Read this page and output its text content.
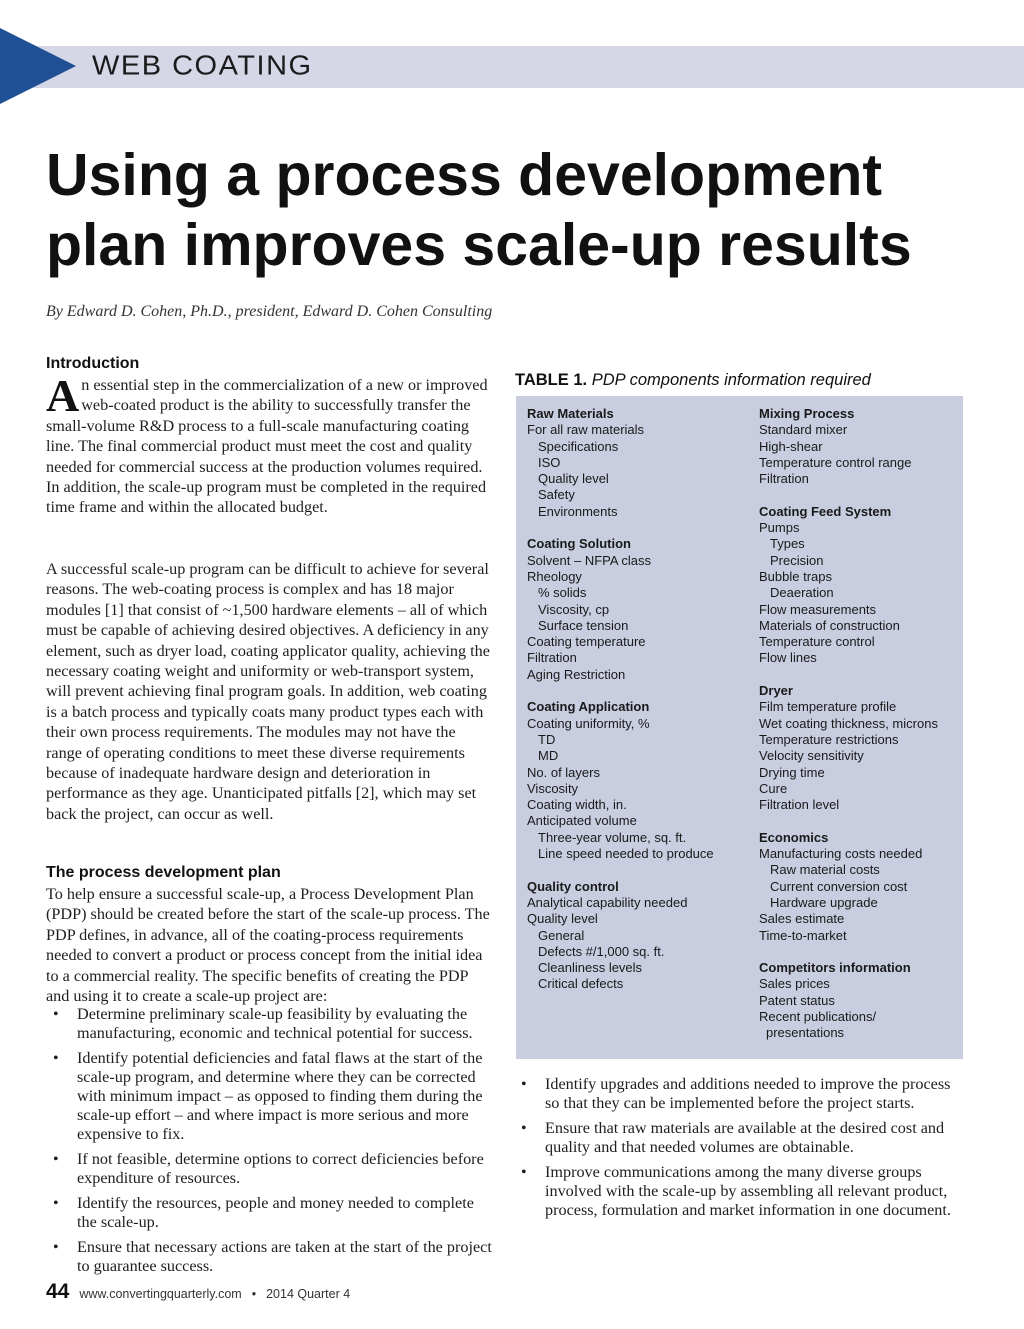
WEB COATING
Using a process development
plan improves scale-up results
By Edward D. Cohen, Ph.D., president, Edward D. Cohen Consulting
Introduction

An essential step in the commercialization of a new or improved web-coated product is the ability to successfully transfer the small-volume R&D process to a full-scale manufacturing coating line. The final commercial product must meet the cost and quality needed for commercial success at the production volumes required. In addition, the scale-up program must be completed in the required time frame and within the allocated budget.

A successful scale-up program can be difficult to achieve for several reasons. The web-coating process is complex and has 18 major modules [1] that consist of ~1,500 hardware elements – all of which must be capable of achieving desired objectives. A deficiency in any element, such as dryer load, coating applicator quality, achieving the necessary coating weight and uniformity or web-transport system, will prevent achieving final program goals. In addition, web coating is a batch process and typically coats many product types each with their own process requirements. The modules may not have the range of operating conditions to meet these diverse requirements because of inadequate hardware design and deterioration in performance as they age. Unanticipated pitfalls [2], which may set back the project, can occur as well.

The process development plan

To help ensure a successful scale-up, a Process Development Plan (PDP) should be created before the start of the scale-up process. The PDP defines, in advance, all of the coating-process requirements needed to convert a product or process concept from the initial idea to a commercial reality. The specific benefits of creating the PDP and using it to create a scale-up project are:

• Determine preliminary scale-up feasibility by evaluating the manufacturing, economic and technical potential for success.
• Identify potential deficiencies and fatal flaws at the start of the scale-up program, and determine where they can be corrected with minimum impact – as opposed to finding them during the scale-up effort – and where impact is more serious and more expensive to fix.
• If not feasible, determine options to correct deficiencies before expenditure of resources.
• Identify the resources, people and money needed to complete the scale-up.
• Ensure that necessary actions are taken at the start of the project to guarantee success.
TABLE 1. PDP components information required
Raw Materials
For all raw materials
Specifications
ISO
Quality level
Safety
Environments
Coating Solution
Solvent – NFPA class
Rheology
% solids
Viscosity, cp
Surface tension
Coating temperature
Filtration
Aging Restriction
Coating Application
Coating uniformity, %
TD
MD
No. of layers
Viscosity
Coating width, in.
Anticipated volume
Three-year volume, sq. ft.
Line speed needed to produce
Quality control
Analytical capability needed
Quality level
General
Defects #/1,000 sq. ft.
Cleanliness levels
Critical defects
Mixing Process
Standard mixer
High-shear
Temperature control range
Filtration
Coating Feed System
Pumps
Types
Precision
Bubble traps
Deaeration
Flow measurements
Materials of construction
Temperature control
Flow lines
Dryer
Film temperature profile
Wet coating thickness, microns
Temperature restrictions
Velocity sensitivity
Drying time
Cure
Filtration level
Economics
Manufacturing costs needed
Raw material costs
Current conversion cost
Hardware upgrade
Sales estimate
Time-to-market
Competitors information
Sales prices
Patent status
Recent publications/
presentations
• Identify upgrades and additions needed to improve the process so that they can be implemented before the project starts.
• Ensure that raw materials are available at the desired cost and quality and that needed volumes are obtainable.
• Improve communications among the many diverse groups involved with the scale-up by assembling all relevant product, process, formulation and market information in one document.
44 www.convertingquarterly.com • 2014 Quarter 4
